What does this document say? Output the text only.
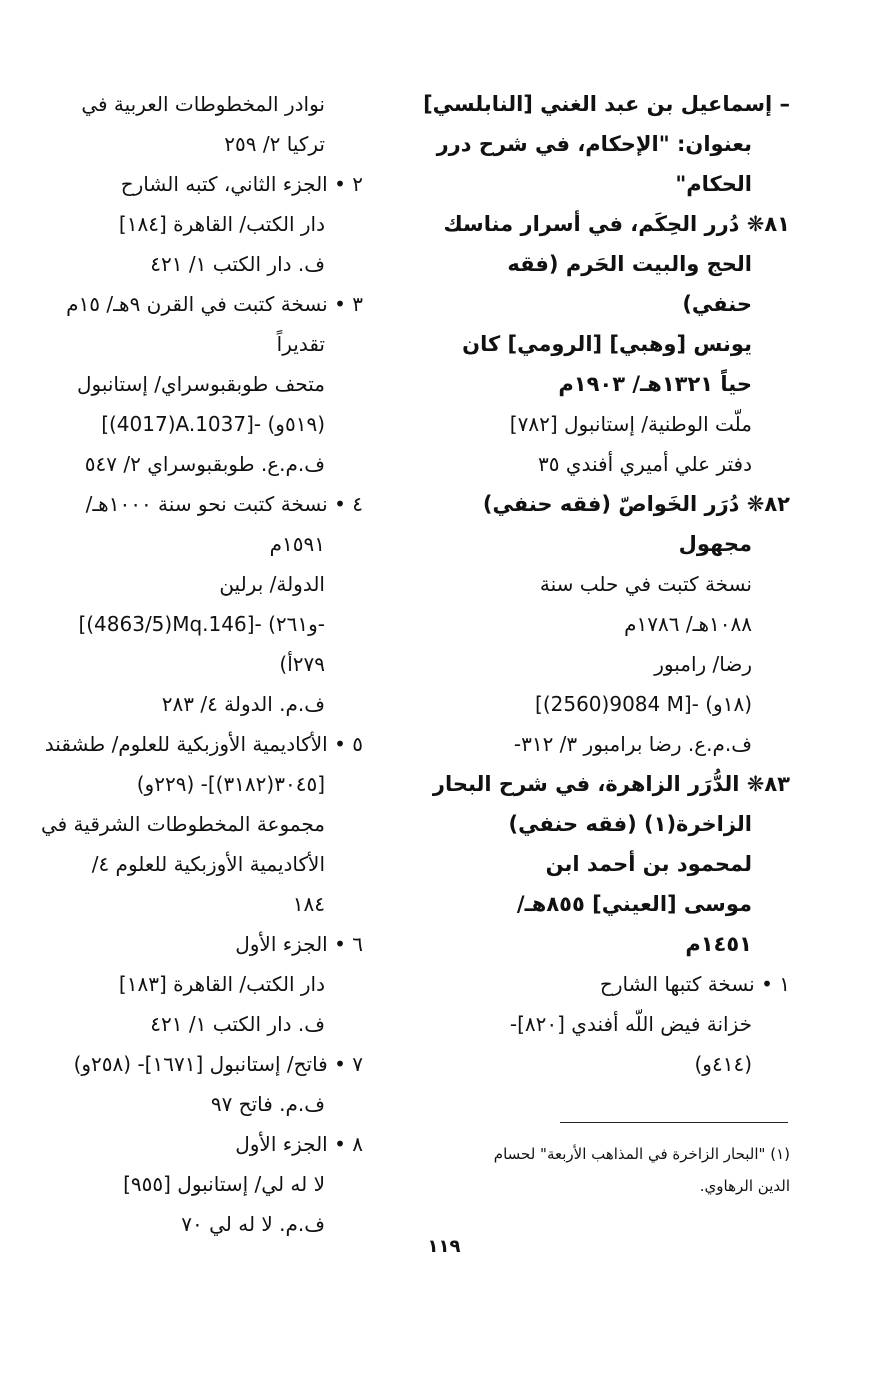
– إسماعيل بن عبد الغني [النابلسي]
بعنوان: "الإحكام، في شرح درر
الحكام"
٨١❋ دُرر الحِكَم، في أسرار مناسك
الحج والبيت الحَرم (فقه
حنفي)
يونس [وهبي] [الرومي] كان
حياً ١٣٢١هـ/ ١٩٠٣م
ملّت الوطنية/ إستانبول [٧٨٢]
دفتر علي أميري أفندي ٣٥
٨٢❋ دُرَر الخَواصّ (فقه حنفي)
مجهول
نسخة كتبت في حلب سنة
١٠٨٨هـ/ ١٧٨٦م
رضا/ رامبور
[(2560)9084 M]- (١٨و)
ف.م.ع. رضا برامبور ٣/ ٣١٢-
٨٣❋ الدُّرَر الزاهرة، في شرح البحار
الزاخرة(١) (فقه حنفي)
لمحمود بن أحمد ابن
موسى [العيني] ٨٥٥هـ/
١٤٥١م
١ • نسخة كتبها الشارح
خزانة فيض اللّه أفندي [٨٢٠]-
(٤١٤و)
نوادر المخطوطات العربية في
تركيا ٢/ ٢٥٩
٢ • الجزء الثاني، كتبه الشارح
دار الكتب/ القاهرة [١٨٤]
ف. دار الكتب ١/ ٤٢١
٣ • نسخة كتبت في القرن ٩هـ/ ١٥م
تقديراً
متحف طوبقبوسراي/ إستانبول
[(4017)A.1037]- (٥١٩و)
ف.م.ع. طوبقبوسراي ٢/ ٥٤٧
٤ • نسخة كتبت نحو سنة ١٠٠٠هـ/
١٥٩١م
الدولة/ برلين
[(4863/5)Mq.146]- (و٢٦١-
٢٧٩أ)
ف.م. الدولة ٤/ ٢٨٣
٥ • الأكاديمية الأوزبكية للعلوم/ طشقند
[٣٠٤٥(٣١٨٢)]- (٢٢٩و)
مجموعة المخطوطات الشرقية في
الأكاديمية الأوزبكية للعلوم ٤/
١٨٤
٦ • الجزء الأول
دار الكتب/ القاهرة [١٨٣]
ف. دار الكتب ١/ ٤٢١
٧ • فاتح/ إستانبول [١٦٧١]- (٢٥٨و)
ف.م. فاتح ٩٧
٨ • الجزء الأول
لا له لي/ إستانبول [٩٥٥]
ف.م. لا له لي ٧٠
(١) "البحار الزاخرة في المذاهب الأربعة" لحسام
الدين الرهاوي.
١١٩
